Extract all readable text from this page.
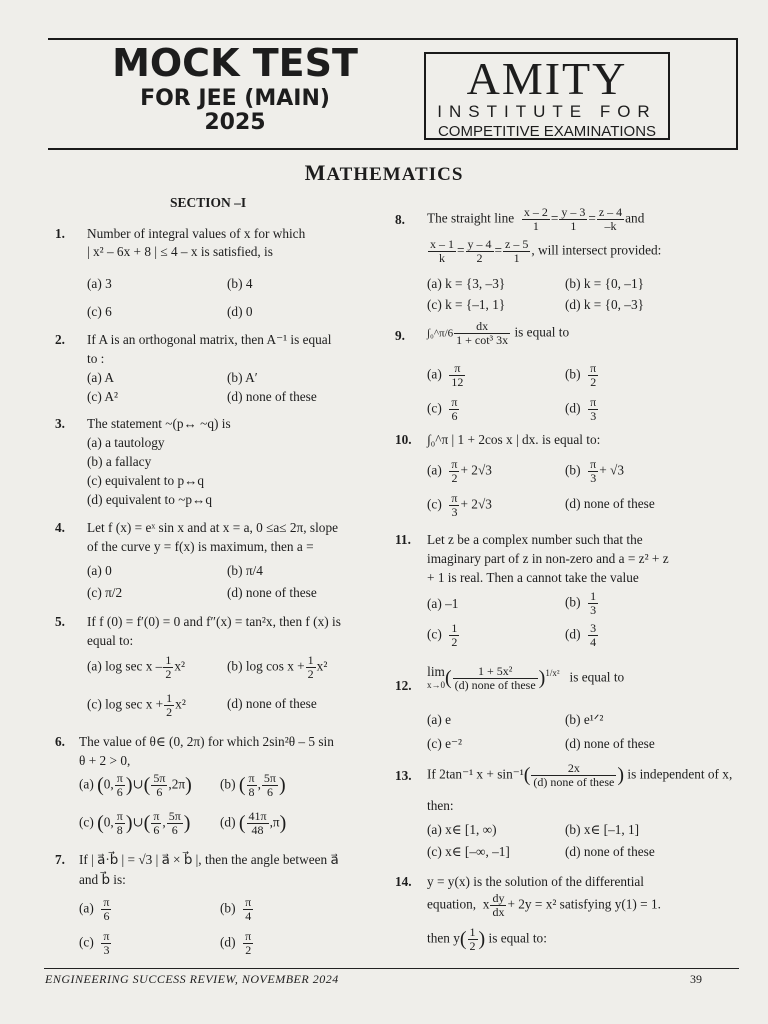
MOCK TEST
FOR JEE (MAIN)
2025
AMITY
INSTITUTE FOR
COMPETITIVE EXAMINATIONS
MATHEMATICS
SECTION –I
1. Number of integral values of x for which
| x² – 6x + 8 | ≤ 4 – x is satisfied, is
(a) 3	(b) 4
(c) 6	(d) 0
2. If A is an orthogonal matrix, then A⁻¹ is equal
to :
(a) A	(b) A′
(c) A²	(d) none of these
3. The statement ~(p↔ ~q) is
(a) a tautology
(b) a fallacy
(c) equivalent to p↔q
(d) equivalent to ~p↔q
4. Let f (x) = eˣ sin x and at x = a, 0 ≤a≤ 2π, slope
of the curve y = f(x) is maximum, then a =
(a) 0	(b) π/4
(c) π/2	(d) none of these
5. If f (0) = f′(0) = 0 and f″(x) = tan²x, then f (x) is
equal to:
(a) log sec x – $\frac{1}{2} x^2$	(b) $\log \cos x + \frac{1}{2} x^2$
(c) $\log \sec x + \frac{1}{2} x^2$	(d) none of these
6. The value of θ∈ (0, 2π) for which 2sin²θ – 5 sin
θ + 2 > 0,
(a) (0, $\frac{\pi}{6}$ )∪( $\frac{5\pi}{6} ,2\pi$) (b) ( $\frac{\pi}{8}$ , $\frac{5\pi}{6}$ )
(c) (0, $\frac{\pi}{8}$ )∪( $\frac{\pi}{6}$ , $\frac{5\pi}{6}$ ) (d) ( $\frac{41\pi}{48} ,\pi$)
7. If | a⃗·b⃗ | = √3 | a⃗ × b⃗ |, then the angle between a⃗
and b⃗ is:
$(a) \frac{\pi}{6}$	$(b) \frac{\pi}{4}$
$(c) \frac{\pi}{3}$	$(d) \frac{\pi}{2}$
8. The straight line $\frac{x - 2}{1} = \frac{y - 3}{1} = \frac{z - 4}{-k}$ and
$\frac{x - 1}{k} = \frac{y - 4}{2} = \frac{z - 5}{1}$ , will intersect provided:
(a) k = {3, –3}	(b) k = {0, –1}
(c) k = {–1, 1}	(d) k = {0, –3}
9. ∫₀^π/6 $\frac{dx}{\text{1 + cot³ 3x}}$ is equal to
$(a) \frac{\pi}{12}$	$(b) \frac{\pi}{2}$
$(c) \frac{\pi}{6}$	$(d) \frac{\pi}{3}$
10. ∫₀^π | 1 + 2cos x | dx. is equal to:
$(a) \frac{\pi}{2} + 2√3$	$(b) \frac{\pi}{3} + √3$
$(c) \frac{\pi}{3} + 2√3$	(d) none of these
11. Let z be a complex number such that the
imaginary part of z in non-zero and a = z² + z
+ 1 is real. Then a cannot take the value
(a) –1	$(b) \frac{1}{3}$
$(c) \frac{1}{2}$	$(d) \frac{3}{4}$
12.
lim
$x\to 0( \frac{\text{1 + 5x²}}{\text{(d) none of these}} )^{1/x^2}$ is equal to
(a) e	(b) e¹ᐟ²
(c) e⁻²	(d) none of these
13. If 2tan⁻¹ $x + \sin^{-1}( \frac{2x}{\text{(d) none of these}}$ ) is independent of x,
then:
(a) x∈ [1, ∞)	(b) x∈ [–1, 1]
(c) x∈ [–∞, –1]	(d) none of these
14. y = y(x) is the solution of the differential
equation, x $\frac{dy}{dx} + 2y = x^2$ satisfying y(1) = 1.
then $y( \frac{1}{2}$ ) is equal to:
ENGINEERING SUCCESS REVIEW, NOVEMBER 2024	39
